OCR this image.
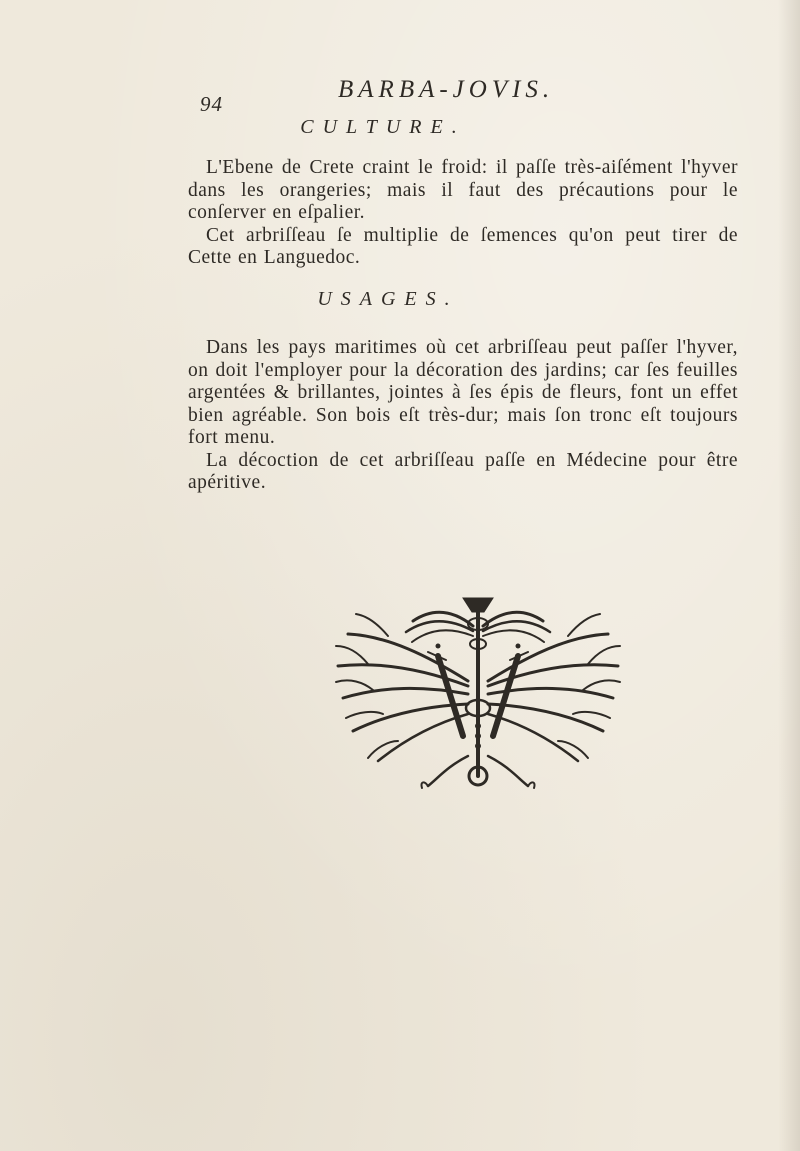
94
BARBA-JOVIS.
CULTURE.

L'Ebene de Crete craint le froid: il paſſe très-aiſément l'hyver dans les orangeries; mais il faut des précautions pour le conſerver en eſpalier.

Cet arbriſſeau ſe multiplie de ſemences qu'on peut tirer de Cette en Languedoc.

USAGES.

Dans les pays maritimes où cet arbriſſeau peut paſſer l'hyver, on doit l'employer pour la décoration des jardins; car ſes feuilles argentées & brillantes, jointes à ſes épis de fleurs, font un effet bien agréable. Son bois eſt très-dur; mais ſon tronc eſt toujours fort menu.

La décoction de cet arbriſſeau paſſe en Médecine pour être apéritive.
